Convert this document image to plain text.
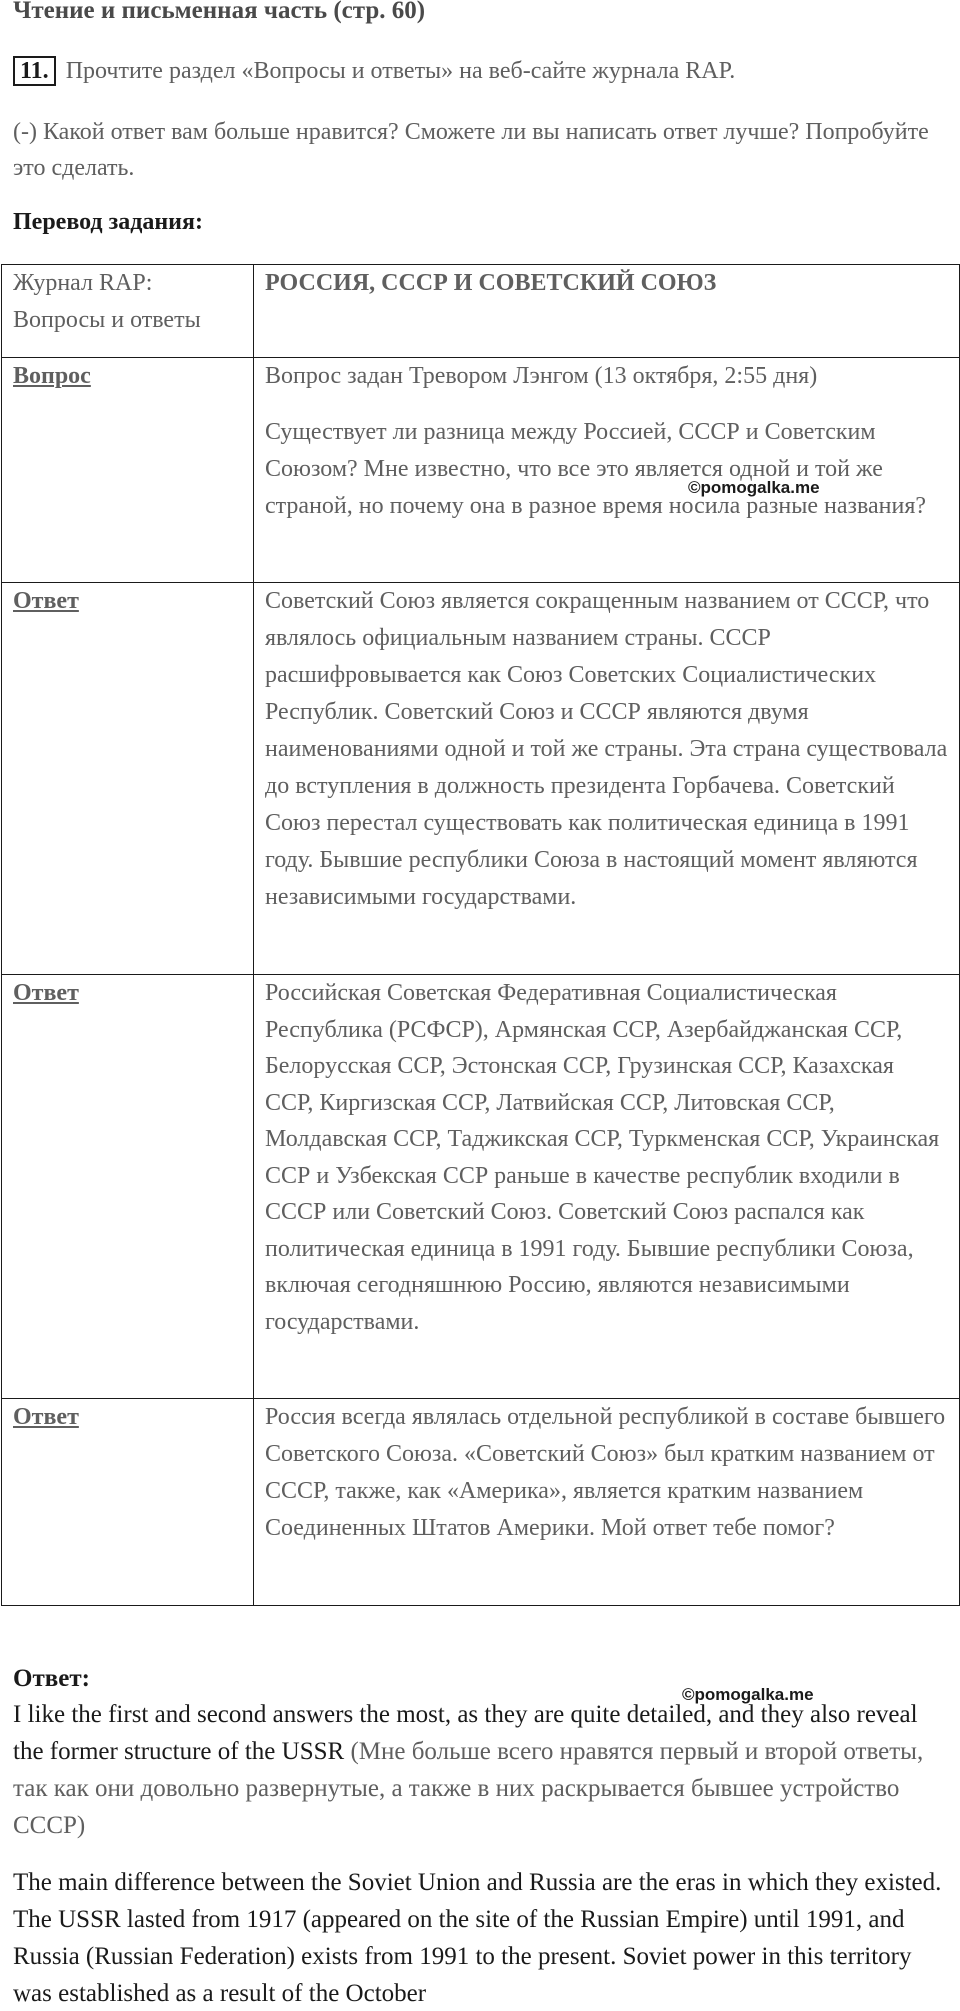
Чтение и письменная часть (стр. 60)
11. Прочтите раздел «Вопросы и ответы» на веб-сайте журнала RAP.
(-) Какой ответ вам больше нравится? Сможете ли вы написать ответ лучше? Попробуйте это сделать.
Перевод задания:
Журнал RAP: Вопросы и ответы	РОССИЯ, СССР И СОВЕТСКИЙ СОЮЗ

Вопрос	Вопрос задан Тревором Лэнгом (13 октября, 2:55 дня)

Существует ли разница между Россией, СССР и Советским Союзом? Мне известно, что все это является одной и той же страной, но почему она в разное время носила разные названия?

Ответ	Советский Союз является сокращенным названием от СССР, что являлось официальным названием страны. СССР расшифровывается как Союз Советских Социалистических Республик. Советский Союз и СССР являются двумя наименованиями одной и той же страны. Эта страна существовала до вступления в должность президента Горбачева. Советский Союз перестал существовать как политическая единица в 1991 году. Бывшие республики Союза в настоящий момент являются независимыми государствами.

Ответ	Российская Советская Федеративная Социалистическая Республика (РСФСР), Армянская ССР, Азербайджанская ССР, Белорусская ССР, Эстонская ССР, Грузинская ССР, Казахская ССР, Киргизская ССР, Латвийская ССР, Литовская ССР, Молдавская ССР, Таджикская ССР, Туркменская ССР, Украинская ССР и Узбекская ССР раньше в качестве республик входили в СССР или Советский Союз. Советский Союз распался как политическая единица в 1991 году. Бывшие республики Союза, включая сегодняшнюю Россию, являются независимыми государствами.

Ответ	Россия всегда являлась отдельной республикой в составе бывшего Советского Союза. «Советский Союз» был кратким названием от СССР, также, как «Америка», является кратким названием Соединенных Штатов Америки. Мой ответ тебе помог?

©pomogalka.me
©pomogalka.me

Ответ:

I like the first and second answers the most, as they are quite detailed, and they also reveal the former structure of the USSR (Мне больше всего нравятся первый и второй ответы, так как они довольно развернутые, а также в них раскрывается бывшее устройство СССР)

The main difference between the Soviet Union and Russia are the eras in which they existed. The USSR lasted from 1917 (appeared on the site of the Russian Empire) until 1991, and Russia (Russian Federation) exists from 1991 to the present. Soviet power in this territory was established as a result of the October
